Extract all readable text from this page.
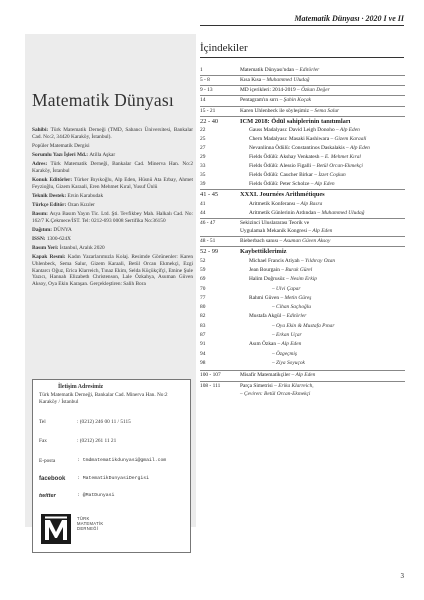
Matematik Dünyası · 2020 I ve II
Matematik Dünyası

Sahibi: Türk Matematik Derneği (TMD, Sabancı Üniversitesi, Bankalar Cad. No:2, 34420 Karaköy, İstanbul).

Popüler Matematik Dergisi

Sorumlu Yazı İşleri Md.: Atilla Aşkar

Adres: Türk Matematik Derneği, Bankalar Cad. Minerva Han. No:2 Karaköy, İstanbul

Konuk Editörler: Türker Bıyıkoğlu, Alp Eden, Hüsnü Ata Erbay, Ahmet Feyzioğlu, Gizem Karaali, Eren Mehmet Kıral, Yusuf Ünlü

Teknik Destek: Ersin Karabudak

Türkçe Editör: Ozan Kızıler

Basım: Asya Basım Yayın Tic. Ltd. Şti. Tevfikbey Mah. Halkalı Cad. No: 162/7 K.Çekmece/İST. Tel: 0212-693 0008 Sertifika No:36150

Dağıtım: DÜNYA

ISSN: 1300-624X

Basım Yeri: İstanbul, Aralık 2020

Kapak Resmi: Kadın Yazarlarımızla Kolaj. Resimde Görünenler: Karen Uhlenbeck, Sema Salur, Gizem Karaali, Betül Orcan Ekmekçi, Ezgi Kantarcı Oğuz, Erica Klarreich, Tınaz Ekim, Selda Küçükçifçi, Emine Şule Yazıcı, Hannah Elizabeth Christenson, Lale Özkahya, Asuman Güven Aksoy, Oya Ekin Karaşan. Gerçekleştiren: Salih Bora

İletişim Adresimiz
Türk Matematik Derneği, Bankalar Cad. Minerva Han. No:2 Karaköy / İstanbul
Tel	: (0212) 246 00 11 / 5115
Fax	: (0212) 261 11 21
E-posta	: tmdmatematikdunyasi@gmail.com
facebook : MatematikDunyasiDergisi
twitter	: @MatDunyasi
TÜRK
MATEMATİK
DERNEĞİ
İçindekiler
1	Matematik Dünyası'ndan – Editörler
5 - 8	Kısa Kısa – Muhammed Uludağ
9 - 13	MD içerikleri: 2014-2019 – Özkan Değer
14	Pentagram'ın sırrı – Şahin Koçak
15 - 21	Karen Uhlenbeck ile söyleşimiz – Sema Salur
22 - 40	ICM 2018: Ödül sahiplerinin tanıtımları
22	Gauss Madalyası: David Leigh Donoho – Alp Eden
25	Chern Madalyası: Masaki Kashiwara – Gizem Karaali
27	Nevanlinna Ödülü: Constantinos Daskalakis – Alp Eden
29	Fields Ödülü: Akshay Venkatesh – E. Mehmet Kıral
33	Fields Ödülü: Alessio Figalli – Betül Orcan-Ekmekçi
35	Fields Ödülü: Caucher Birkar – İzzet Coşkun
39	Fields Ödülü: Peter Scholze – Alp Eden
41 - 45	XXXI. Journées Arithmétiques
41	Aritmetik Konferansı – Alp Basra
44	Aritmetik Günlerinin Ardından – Muhammed Uludağ
46 - 47	Sekizinci Uluslararası Teorik ve
Uygulamalı Mekanik Kongresi – Alp Eden
48 - 51	Bieberbach sanısı – Asuman Güven Aksoy
52 - 99	Kaybettiklerimiz
52	Michael Francis Atiyah – Yıldıray Ozan
59	Jean Bourgain – Burak Gürel
69	Halim Doğrusöz – Nesim Erkip
70	– Ulvi Çapar
77	Rahmi Güven – Metin Güreş
80	– Cihan Saçlıoğlu
82	Mustafa Akgül – Editörler
83	– Oya Ekin & Mustafa Pınar
87	– Erkan Uçar
91	Asım Özkan – Alp Eden
94	– Özgeçmiş
98	– Ziya Soyuçok
100 - 107	Misafir Matematikçiler – Alp Eden
108 - 111	Parça Simetrisi – Erika Klarreich,
– Çeviren: Betül Orcan-Ekmekçi
3
